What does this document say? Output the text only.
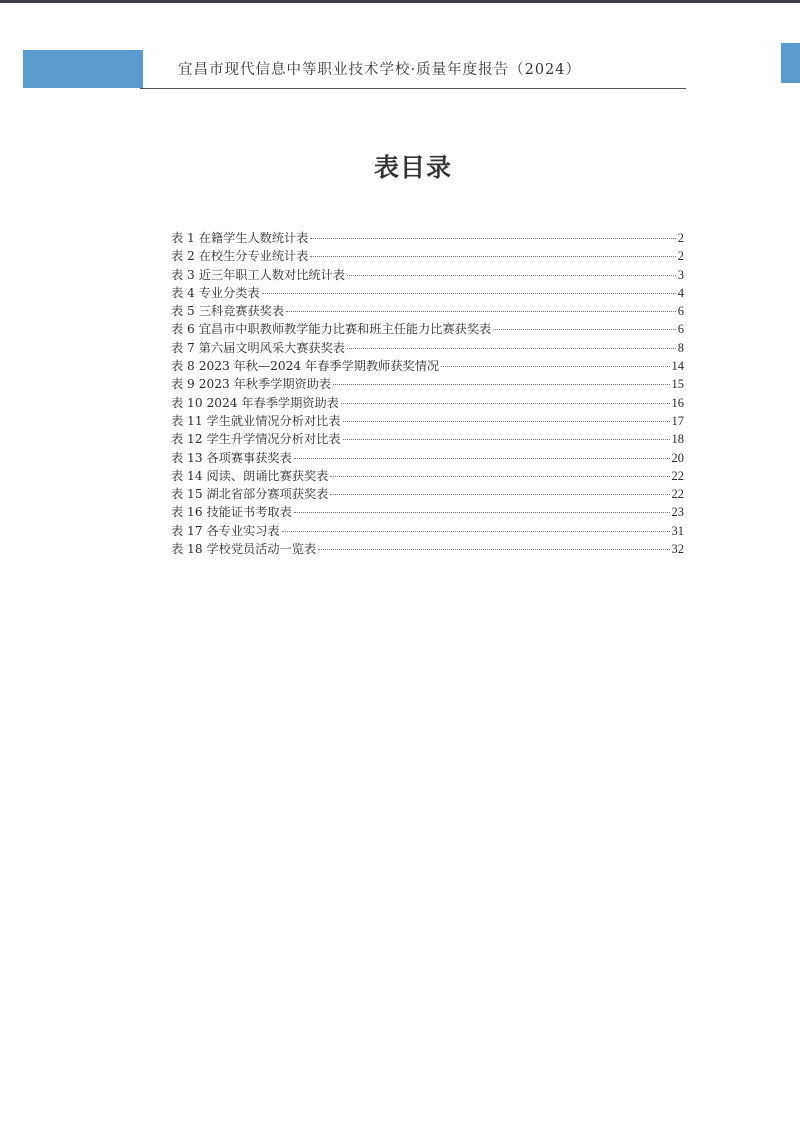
宜昌市现代信息中等职业技术学校·质量年度报告（2024）
表目录
表 1 在籍学生人数统计表	2
表 2 在校生分专业统计表	2
表 3 近三年职工人数对比统计表	3
表 4 专业分类表	4
表 5 三科竞赛获奖表	6
表 6 宜昌市中职教师教学能力比赛和班主任能力比赛获奖表	6
表 7 第六届文明风采大赛获奖表	8
表 8 2023 年秋—2024 年春季学期教师获奖情况	14
表 9 2023 年秋季学期资助表	15
表 10 2024 年春季学期资助表	16
表 11 学生就业情况分析对比表	17
表 12 学生升学情况分析对比表	18
表 13 各项赛事获奖表	20
表 14 阅读、朗诵比赛获奖表	22
表 15 湖北省部分赛项获奖表	22
表 16 技能证书考取表	23
表 17 各专业实习表	31
表 18 学校党员活动一览表	32
